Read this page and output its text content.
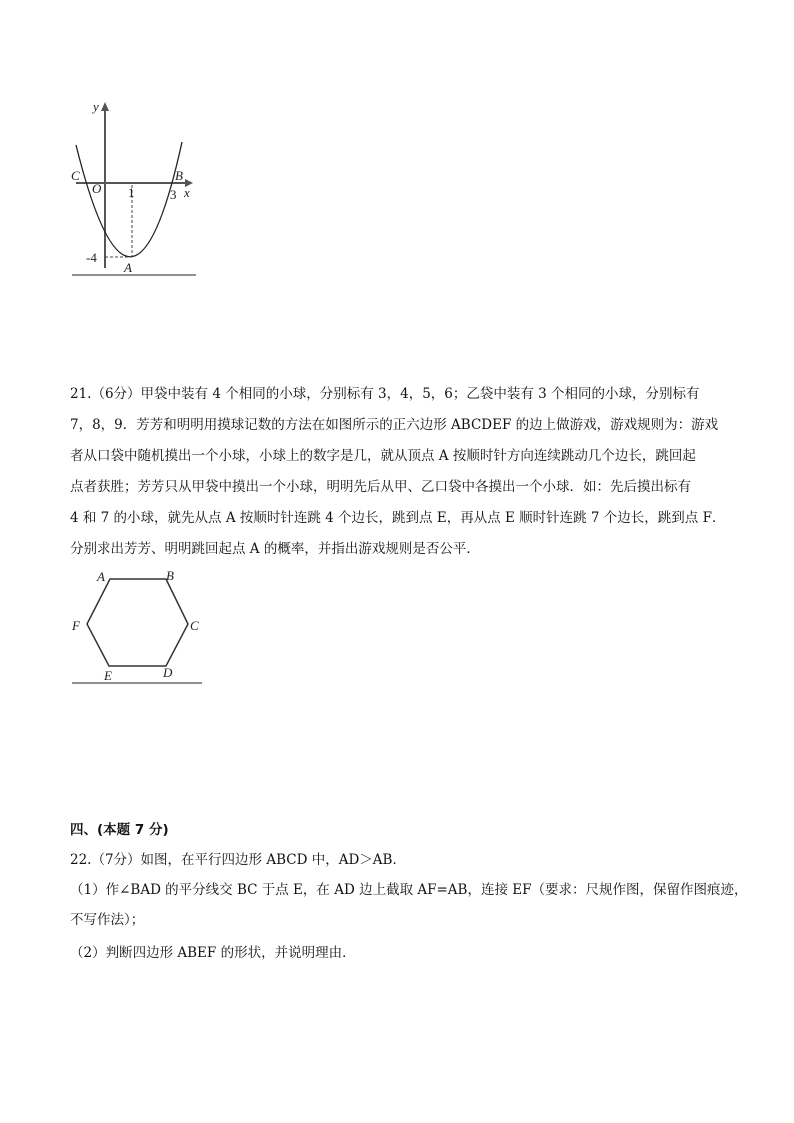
y
x
C
O
B
1	3
-4
A
A	B
C
D
E
F
21.（6分）甲袋中装有 4 个相同的小球，分别标有 3，4，5，6；乙袋中装有 3 个相同的小球，分别标有
7，8，9．芳芳和明明用摸球记数的方法在如图所示的正六边形 ABCDEF 的边上做游戏，游戏规则为：游戏
者从口袋中随机摸出一个小球，小球上的数字是几，就从顶点 A 按顺时针方向连续跳动几个边长，跳回起
点者获胜；芳芳只从甲袋中摸出一个小球，明明先后从甲、乙口袋中各摸出一个小球．如：先后摸出标有
4 和 7 的小球，就先从点 A 按顺时针连跳 4 个边长，跳到点 E，再从点 E 顺时针连跳 7 个边长，跳到点 F．
分别求出芳芳、明明跳回起点 A 的概率，并指出游戏规则是否公平．
四、(本题 7 分)
22.（7分）如图，在平行四边形 ABCD 中，AD＞AB．
（1）作∠BAD 的平分线交 BC 于点 E，在 AD 边上截取 AF=AB，连接 EF（要求：尺规作图，保留作图痕迹，
不写作法）；
（2）判断四边形 ABEF 的形状，并说明理由．
